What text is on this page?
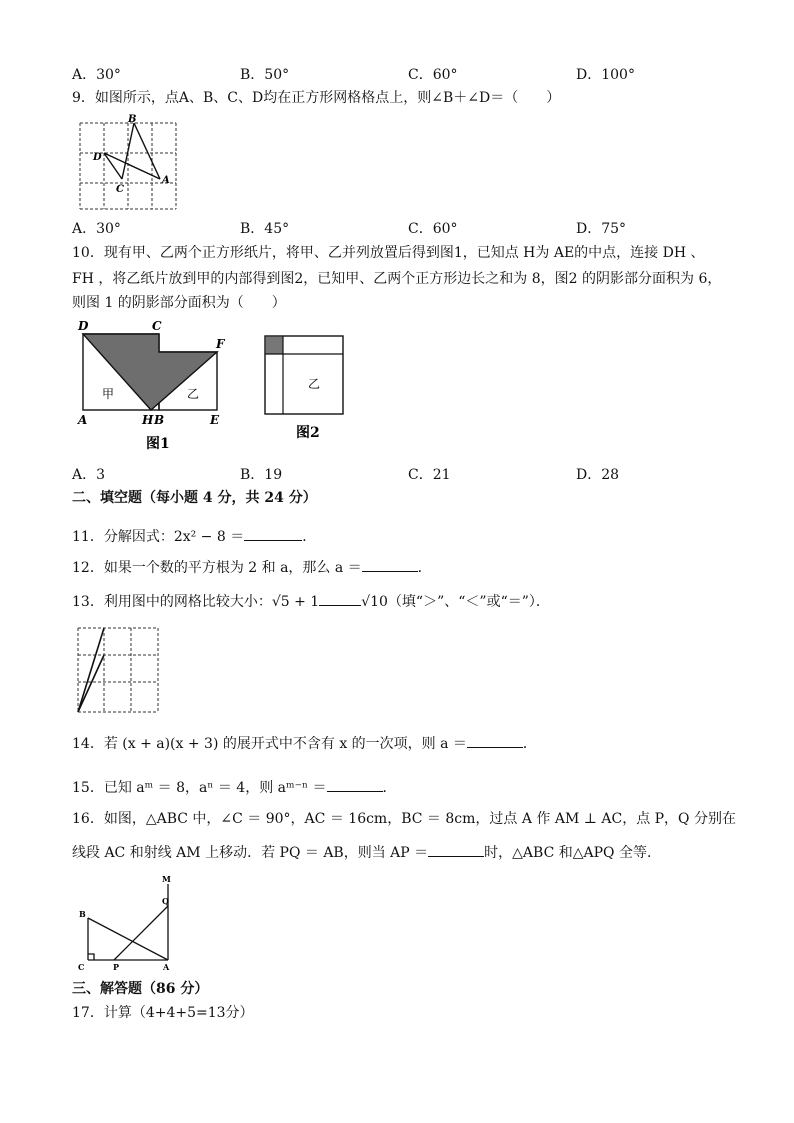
A．30°	B．50°	C．60°	D．100°
9．如图所示，点A、B、C、D均在正方形网格格点上，则∠B＋∠D＝（　　）
B
D
C
A
A．30°	B．45°	C．60°	D．75°
10．现有甲、乙两个正方形纸片，将甲、乙并列放置后得到图1，已知点 H为 AE的中点，连接 DH 、
FH ，将乙纸片放到甲的内部得到图2，已知甲、乙两个正方形边长之和为 8，图2 的阴影部分面积为 6，
则图 1 的阴影部分面积为（　　）
D	C
F
A	H B	E
甲	乙
图1
乙
图2
A．3	B．19	C．21	D．28
二、填空题（每小题 4 分，共 24 分）
11．分解因式：2x² − 8 ＝	．
12．如果一个数的平方根为 2 和 a，那么 a ＝	．
13．利用图中的网格比较大小：√5 + 1	√10（填“＞”、“＜”或“＝”）．
14．若 (x + a)(x + 3) 的展开式中不含有 x 的一次项，则 a ＝	．
15．已知 aᵐ ＝ 8，aⁿ ＝ 4，则 aᵐ⁻ⁿ ＝	．
16．如图，△ABC 中，∠C ＝ 90°，AC ＝ 16cm，BC ＝ 8cm，过点 A 作 AM ⊥ AC，点 P，Q 分别在
线段 AC 和射线 AM 上移动．若 PQ ＝ AB，则当 AP ＝	时，△ABC 和△APQ 全等．
M
Q
B
C	P	A
三、解答题（86 分）
17．计算（4+4+5=13分）
